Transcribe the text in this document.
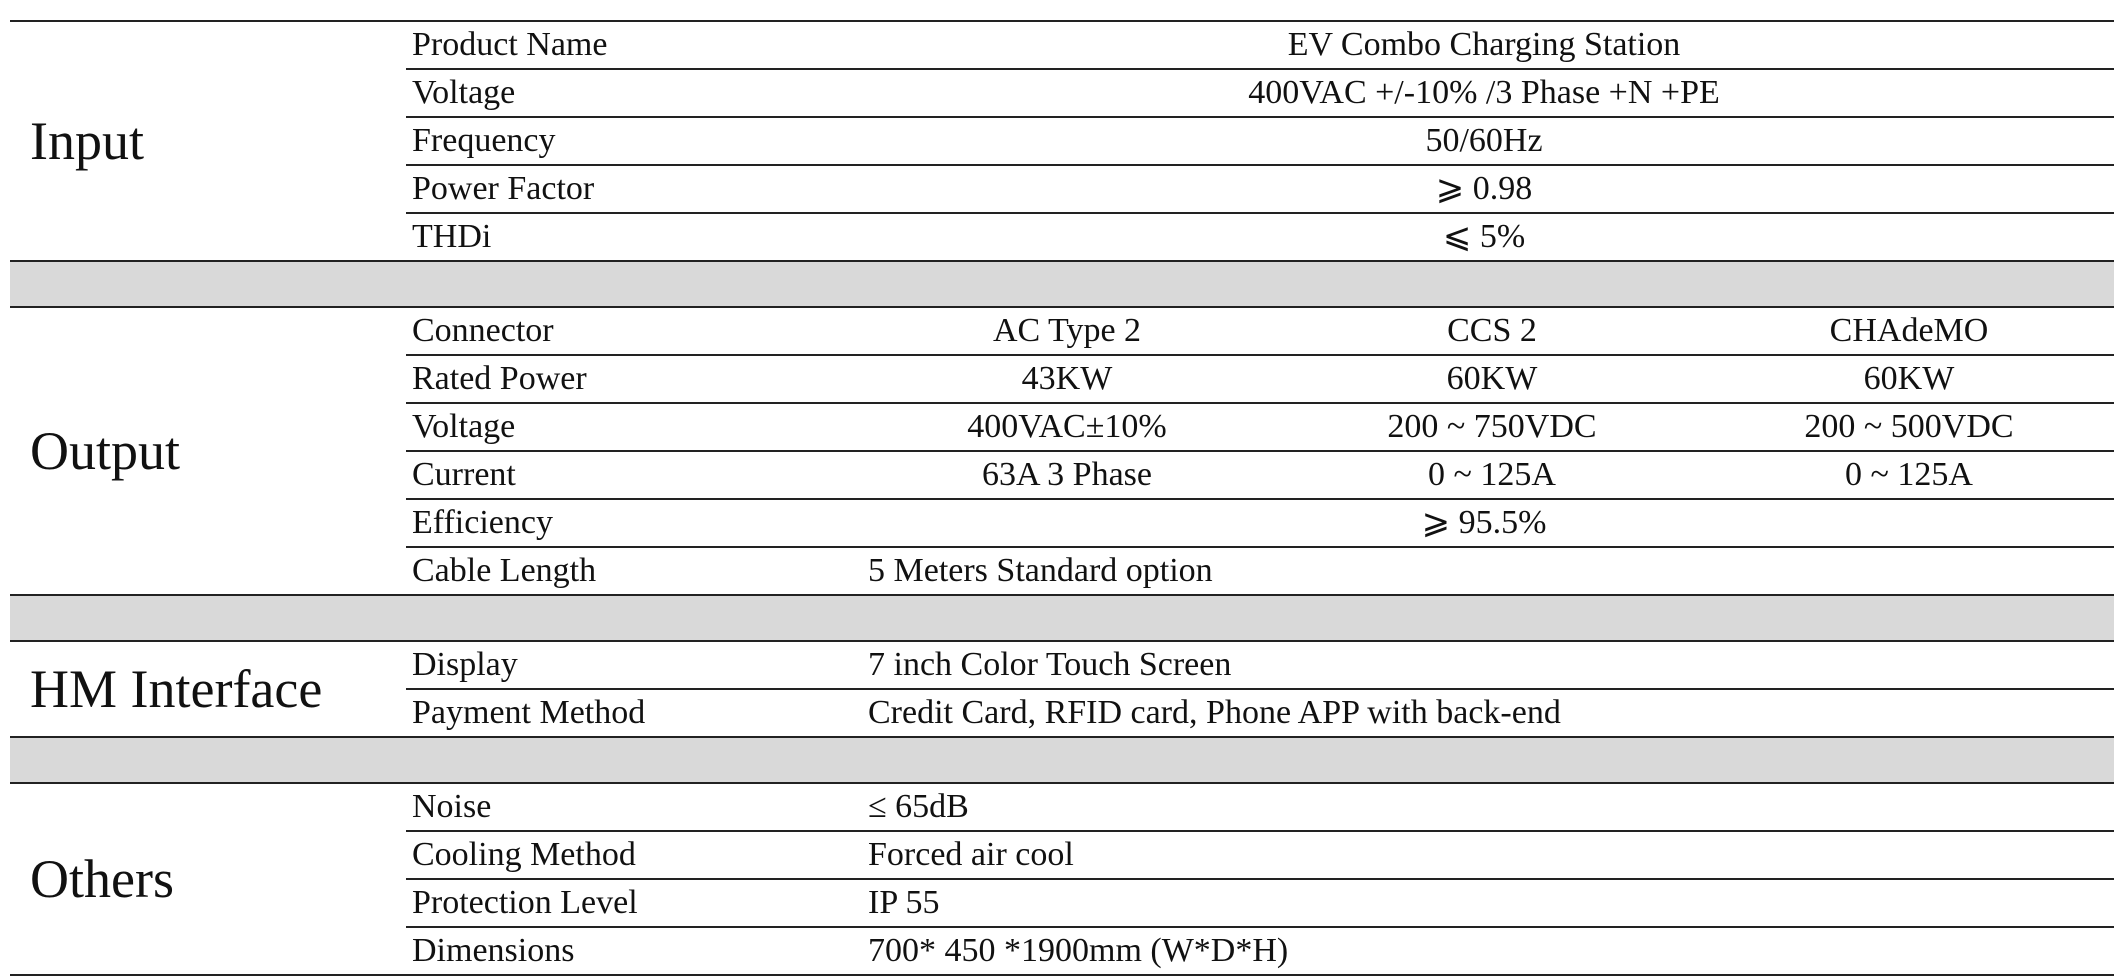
Input	Product Name	EV Combo Charging Station		
	Voltage	400VAC +/-10% /3 Phase +N +PE		
	Frequency	50/60Hz		
	Power Factor	⩾ 0.98		
	THDi	⩽ 5%		

Output	Connector	AC Type 2	CCS 2	CHAdeMO
	Rated Power	43KW	60KW	60KW
	Voltage	400VAC±10%	200 ~ 750VDC	200 ~ 500VDC
	Current	63A 3 Phase	0 ~ 125A	0 ~ 125A
	Efficiency	⩾ 95.5%		
	Cable Length	5 Meters Standard option		

HM Interface	Display	7 inch Color Touch Screen		
	Payment Method	Credit Card, RFID card, Phone APP with back-end		

Others	Noise	≤ 65dB		
	Cooling Method	Forced air cool		
	Protection Level	IP 55		
	Dimensions	700* 450 *1900mm (W*D*H)		
